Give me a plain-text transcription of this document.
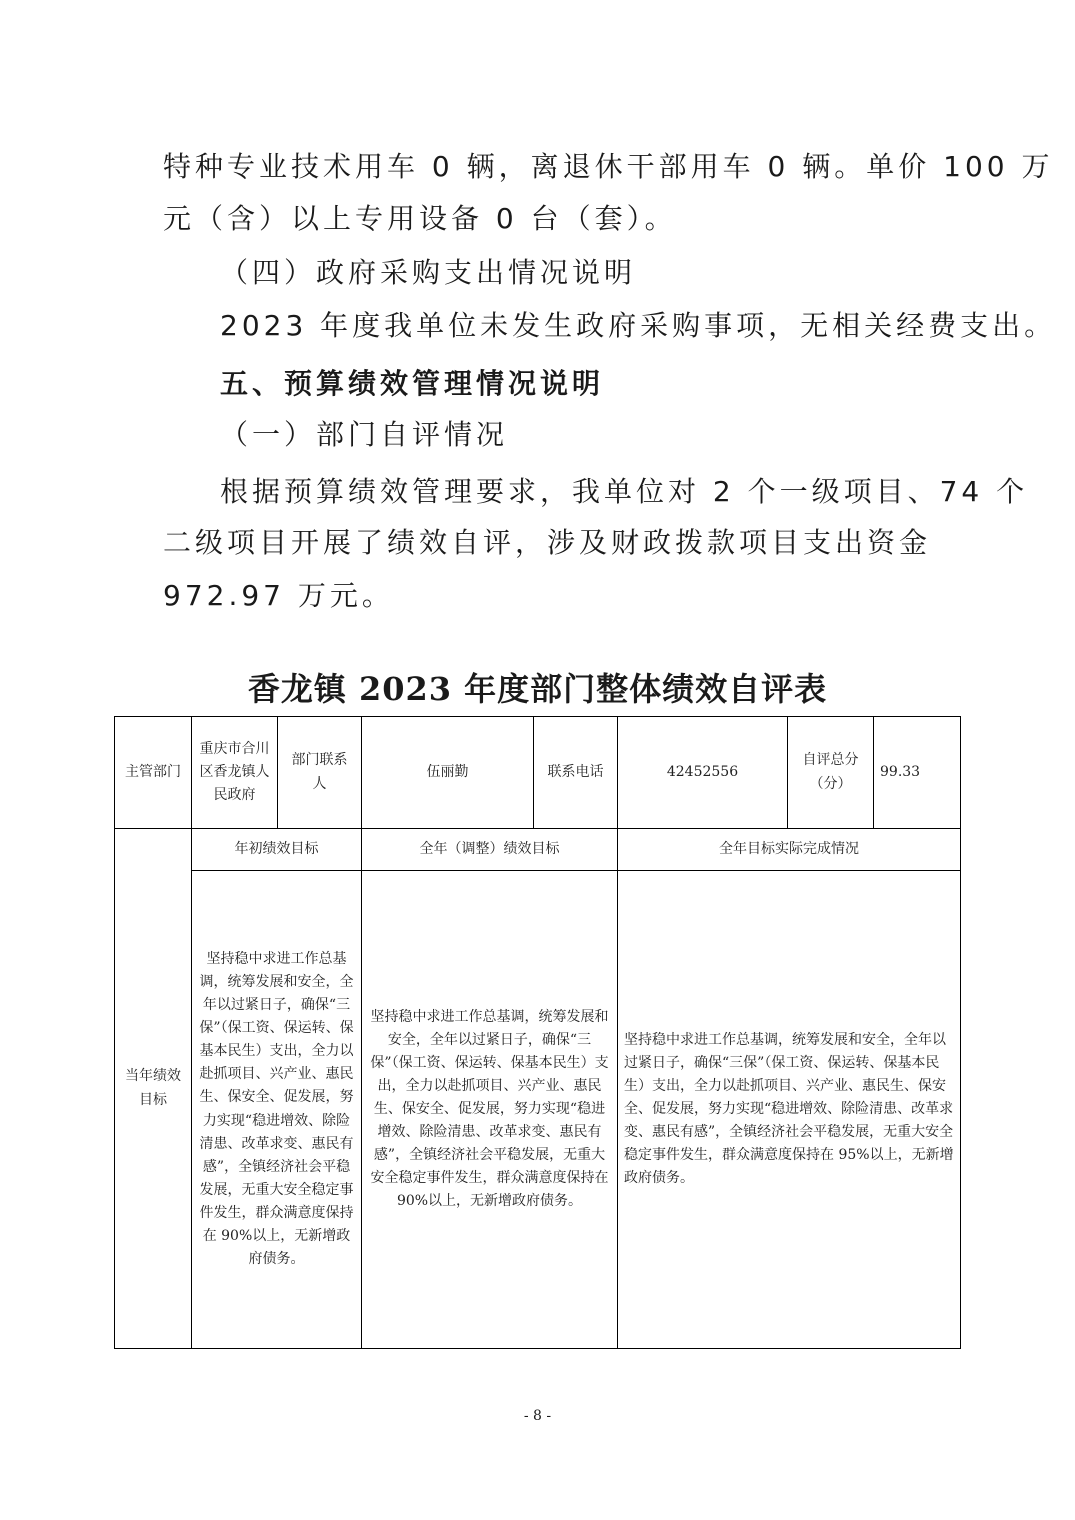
特种专业技术用车 0 辆，离退休干部用车 0 辆。单价 100 万

元（含）以上专用设备 0 台（套）。

（四）政府采购支出情况说明

2023 年度我单位未发生政府采购事项，无相关经费支出。

五、预算绩效管理情况说明

（一）部门自评情况

根据预算绩效管理要求，我单位对 2 个一级项目、74 个

二级项目开展了绩效自评，涉及财政拨款项目支出资金

972.97 万元。

香龙镇 2023 年度部门整体绩效自评表
主管部门	重庆市合川区香龙镇人民政府	部门联系人	伍丽勤	联系电话	42452556	自评总分（分）	99.33
当年绩效目标	年初绩效目标		全年（调整）绩效目标		全年目标实际完成情况		
	坚持稳中求进工作总基调，统筹发展和安全，全年以过紧日子，确保“三保”（保工资、保运转、保基本民生）支出，全力以赴抓项目、兴产业、惠民生、保安全、促发展，努力实现“稳进增效、除险清患、改革求变、惠民有感”，全镇经济社会平稳发展，无重大安全稳定事件发生，群众满意度保持在 90%以上，无新增政府债务。		坚持稳中求进工作总基调，统筹发展和安全，全年以过紧日子，确保“三保”（保工资、保运转、保基本民生）支出，全力以赴抓项目、兴产业、惠民生、保安全、促发展，努力实现“稳进增效、除险清患、改革求变、惠民有感”，全镇经济社会平稳发展，无重大安全稳定事件发生，群众满意度保持在 90%以上，无新增政府债务。		坚持稳中求进工作总基调，统筹发展和安全，全年以过紧日子，确保“三保”（保工资、保运转、保基本民生）支出，全力以赴抓项目、兴产业、惠民生、保安全、促发展，努力实现“稳进增效、除险清患、改革求变、惠民有感”，全镇经济社会平稳发展，无重大安全稳定事件发生，群众满意度保持在 95%以上，无新增政府债务。		
- 8 -
